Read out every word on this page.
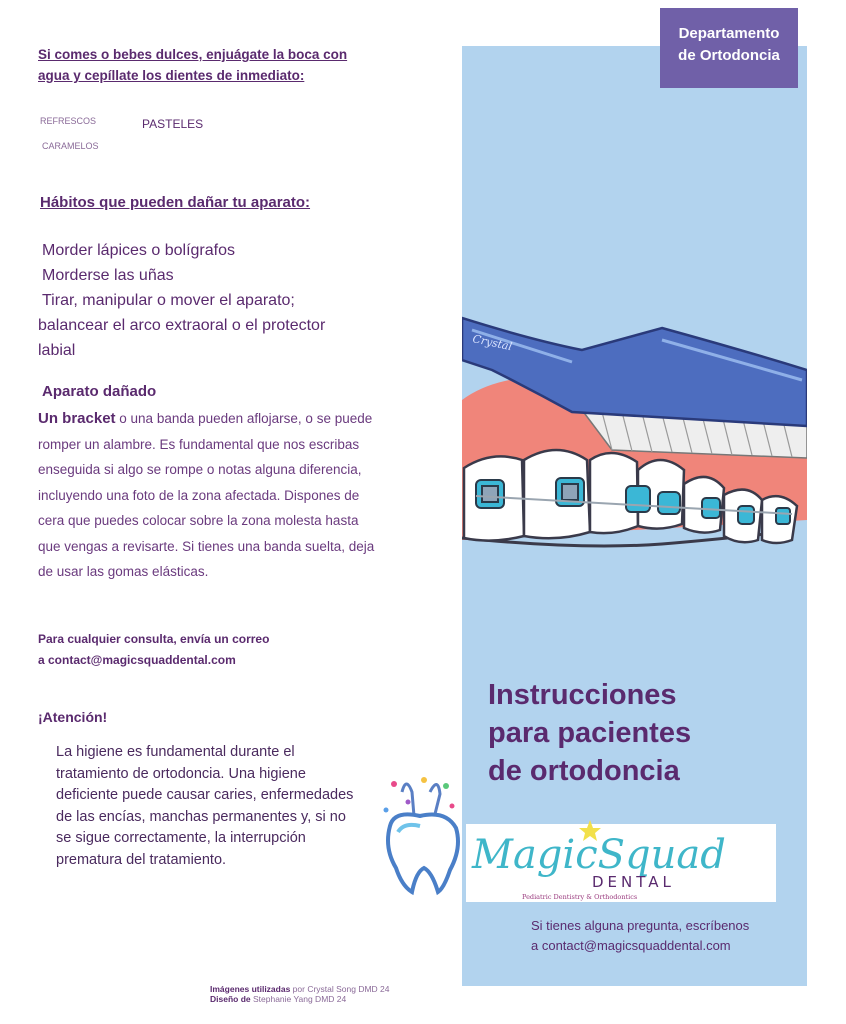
Si comes o bebes dulces, enjuágate la boca con
agua y cepíllate los dientes de inmediato:
REFRESCOS	PASTELES
CARAMELOS
Hábitos que pueden dañar tu aparato:
Morder lápices o bolígrafos
Morderse las uñas
Tirar, manipular o mover el aparato;
balancear el arco extraoral o el protector
labial
Aparato dañado
Un bracket o una banda pueden aflojarse, o se puede romper un alambre. Es fundamental que nos escribas enseguida si algo se rompe o notas alguna diferencia, incluyendo una foto de la zona afectada. Dispones de cera que puedes colocar sobre la zona molesta hasta que vengas a revisarte. Si tienes una banda suelta, deja de usar las gomas elásticas.
Para cualquier consulta, envía un correo
a contact@magicsquaddental.com
¡Atención!
La higiene es fundamental durante el tratamiento de ortodoncia. Una higiene deficiente puede causar caries, enfermedades de las encías, manchas permanentes y, si no se sigue correctamente, la interrupción prematura del tratamiento.
Imágenes utilizadas por Crystal Song DMD 24
Diseño de Stephanie Yang DMD 24
Departamento
de Ortodoncia
Crystal
Instrucciones
para pacientes
de ortodoncia
MagicSquad
DENTAL
Pediatric Dentistry & Orthodontics
Si tienes alguna pregunta, escríbenos
a contact@magicsquaddental.com
